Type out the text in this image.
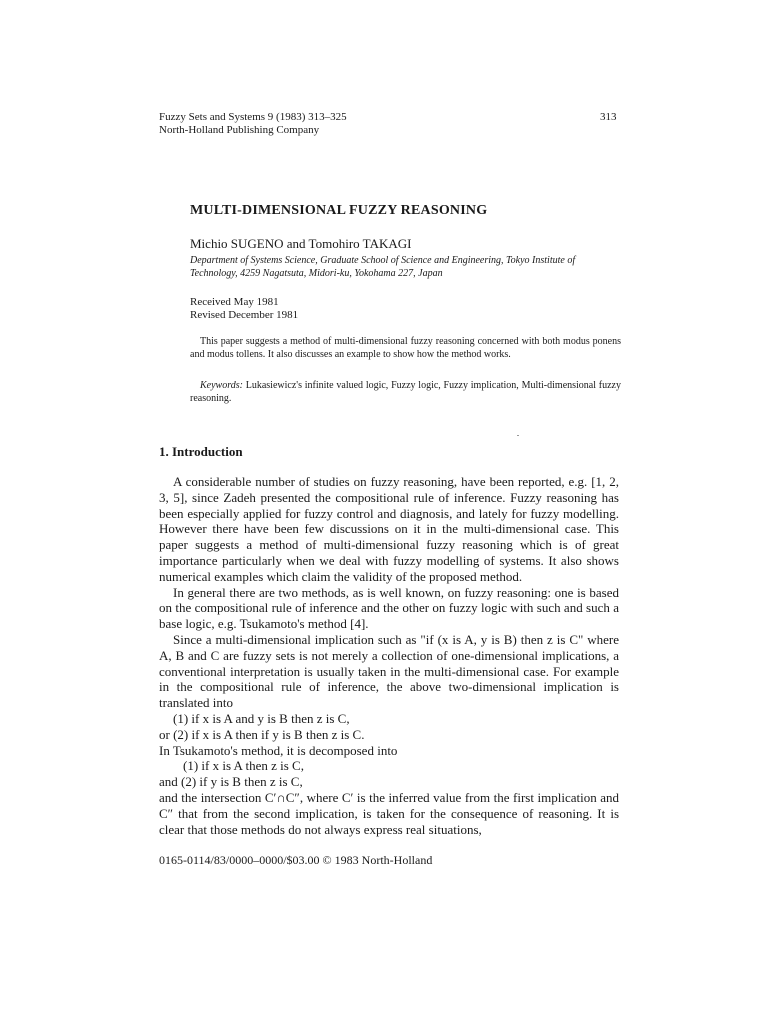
Fuzzy Sets and Systems 9 (1983) 313–325
North-Holland Publishing Company
313
MULTI-DIMENSIONAL FUZZY REASONING
Michio SUGENO and Tomohiro TAKAGI
Department of Systems Science, Graduate School of Science and Engineering, Tokyo Institute of Technology, 4259 Nagatsuta, Midori-ku, Yokohama 227, Japan
Received May 1981
Revised December 1981
This paper suggests a method of multi-dimensional fuzzy reasoning concerned with both modus ponens and modus tollens. It also discusses an example to show how the method works.
Keywords: Lukasiewicz's infinite valued logic, Fuzzy logic, Fuzzy implication, Multi-dimensional fuzzy reasoning.
1. Introduction

A considerable number of studies on fuzzy reasoning, have been reported, e.g. [1, 2, 3, 5], since Zadeh presented the compositional rule of inference. Fuzzy reasoning has been especially applied for fuzzy control and diagnosis, and lately for fuzzy modelling. However there have been few discussions on it in the multi-dimensional case. This paper suggests a method of multi-dimensional fuzzy reasoning which is of great importance particularly when we deal with fuzzy modelling of systems. It also shows numerical examples which claim the validity of the proposed method.

In general there are two methods, as is well known, on fuzzy reasoning: one is based on the compositional rule of inference and the other on fuzzy logic with such and such a base logic, e.g. Tsukamoto's method [4].

Since a multi-dimensional implication such as "if (x is A, y is B) then z is C" where A, B and C are fuzzy sets is not merely a collection of one-dimensional implications, a conventional interpretation is usually taken in the multi-dimensional case. For example in the compositional rule of inference, the above two-dimensional implication is translated into

(1) if x is A and y is B then z is C,
or (2) if x is A then if y is B then z is C.
In Tsukamoto's method, it is decomposed into
(1) if x is A then z is C,
and (2) if y is B then z is C,

and the intersection C′∩C″, where C′ is the inferred value from the first implication and C″ that from the second implication, is taken for the consequence of reasoning. It is clear that those methods do not always express real situations,

0165-0114/83/0000–0000/$03.00 © 1983 North-Holland
